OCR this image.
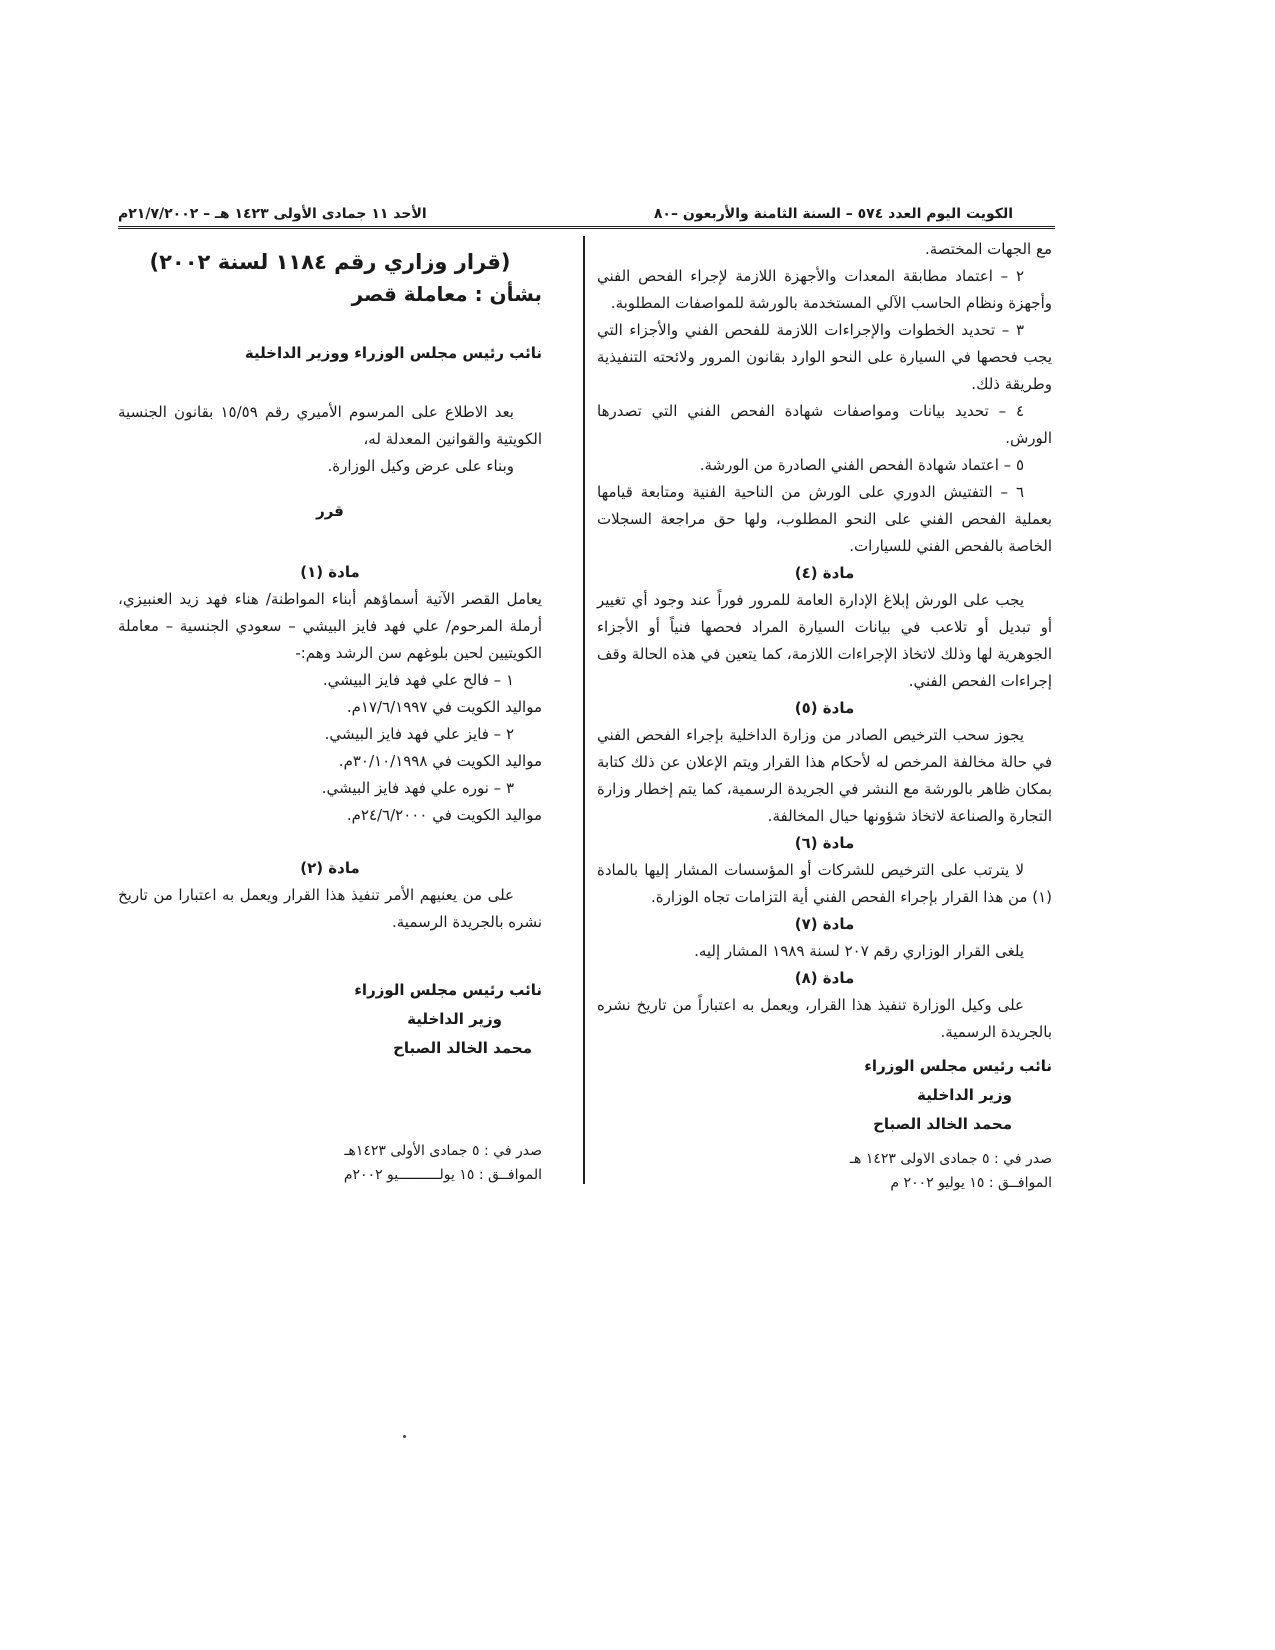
الكويت اليوم العدد ٥٧٤ – السنة الثامنة والأربعون –٨٠
الأحد ١١ جمادى الأولى ١٤٢٣ هـ – ٢١/٧/٢٠٠٢م

مع الجهات المختصة.

٢ – اعتماد مطابقة المعدات والأجهزة اللازمة لإجراء الفحص الفني وأجهزة ونظام الحاسب الآلي المستخدمة بالورشة للمواصفات المطلوبة.

٣ – تحديد الخطوات والإجراءات اللازمة للفحص الفني والأجزاء التي يجب فحصها في السيارة على النحو الوارد بقانون المرور ولائحته التنفيذية وطريقة ذلك.

٤ – تحديد بيانات ومواصفات شهادة الفحص الفني التي تصدرها الورش.

٥ – اعتماد شهادة الفحص الفني الصادرة من الورشة.

٦ – التفتيش الدوري على الورش من الناحية الفنية ومتابعة قيامها بعملية الفحص الفني على النحو المطلوب، ولها حق مراجعة السجلات الخاصة بالفحص الفني للسيارات.

مادة (٤)

يجب على الورش إبلاغ الإدارة العامة للمرور فوراً عند وجود أي تغيير أو تبديل أو تلاعب في بيانات السيارة المراد فحصها فنياً أو الأجزاء الجوهرية لها وذلك لاتخاذ الإجراءات اللازمة، كما يتعين في هذه الحالة وقف إجراءات الفحص الفني.

مادة (٥)

يجوز سحب الترخيص الصادر من وزارة الداخلية بإجراء الفحص الفني في حالة مخالفة المرخص له لأحكام هذا القرار ويتم الإعلان عن ذلك كتابة بمكان ظاهر بالورشة مع النشر في الجريدة الرسمية، كما يتم إخطار وزارة التجارة والصناعة لاتخاذ شؤونها حيال المخالفة.

مادة (٦)

لا يترتب على الترخيص للشركات أو المؤسسات المشار إليها بالمادة (١) من هذا القرار بإجراء الفحص الفني أية التزامات تجاه الوزارة.

مادة (٧)

يلغى القرار الوزاري رقم ٢٠٧ لسنة ١٩٨٩ المشار إليه.

مادة (٨)

على وكيل الوزارة تنفيذ هذا القرار، ويعمل به اعتباراً من تاريخ نشره بالجريدة الرسمية.

نائب رئيس مجلس الوزراء

وزير الداخلية

محمد الخالد الصباح

صدر في : ٥ جمادى الاولى ١٤٢٣ هـ

الموافــق : ١٥ يوليو ٢٠٠٢ م

(قرار وزاري رقم ١١٨٤ لسنة ٢٠٠٢)

بشأن : معاملة قصر

نائب رئيس مجلس الوزراء ووزير الداخلية

بعد الاطلاع على المرسوم الأميري رقم ١٥/٥٩ بقانون الجنسية الكويتية والقوانين المعدلة له،

وبناء على عرض وكيل الوزارة.

قرر

مادة (١)

يعامل القصر الآتية أسماؤهم أبناء المواطنة/ هناء فهد زيد العنبيزي، أرملة المرحوم/ علي فهد فايز البيشي – سعودي الجنسية – معاملة الكويتيين لحين بلوغهم سن الرشد وهم:-

١ – فالح علي فهد فايز البيشي.

مواليد الكويت في ١٧/٦/١٩٩٧م.

٢ – فايز علي فهد فايز البيشي.

مواليد الكويت في ٣٠/١٠/١٩٩٨م.

٣ – نوره علي فهد فايز البيشي.

مواليد الكويت في ٢٤/٦/٢٠٠٠م.

مادة (٢)

على من يعنيهم الأمر تنفيذ هذا القرار ويعمل به اعتبارا من تاريخ نشره بالجريدة الرسمية.

نائب رئيس مجلس الوزراء

وزير الداخلية

محمد الخالد الصباح

صدر في : ٥ جمادى الأولى ١٤٢٣هـ

الموافــق : ١٥ يولــــــــــيو ٢٠٠٢م
